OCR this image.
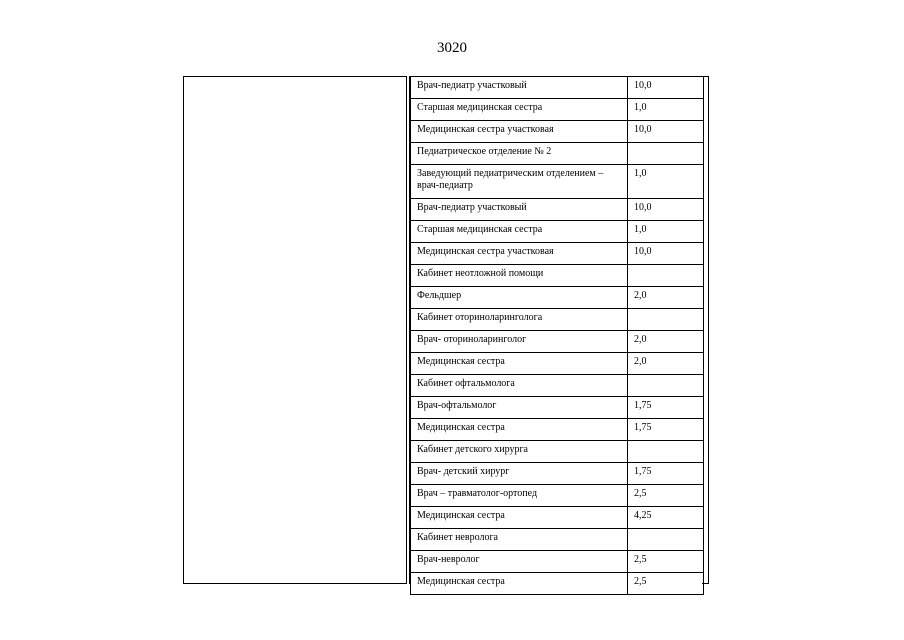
3020
Врач-педиатр участковый	10,0
Старшая медицинская сестра	1,0
Медицинская сестра участковая	10,0
Педиатрическое отделение № 2	
Заведующий педиатрическим отделением – врач-педиатр	1,0
Врач-педиатр участковый	10,0
Старшая медицинская сестра	1,0
Медицинская сестра участковая	10,0
Кабинет неотложной помощи	
Фельдшер	2,0
Кабинет оториноларинголога	
Врач- оториноларинголог	2,0
Медицинская сестра	2,0
Кабинет офтальмолога	
Врач-офтальмолог	1,75
Медицинская сестра	1,75
Кабинет детского хирурга	
Врач- детский хирург	1,75
Врач – травматолог-ортопед	2,5
Медицинская сестра	4,25
Кабинет невролога	
Врач-невролог	2,5
Медицинская сестра	2,5
